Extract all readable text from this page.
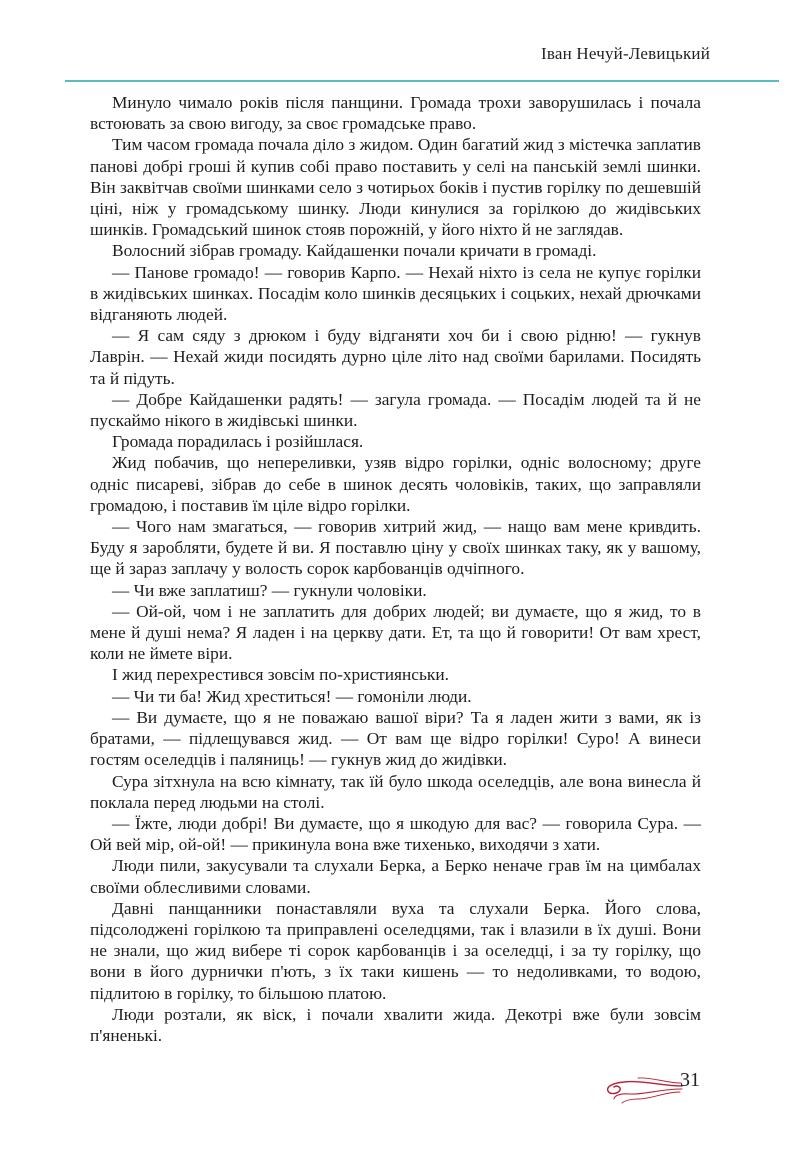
Іван Нечуй-Левицький

Минуло чимало років після панщини. Громада трохи заворушилась і почала встоювать за свою вигоду, за своє громадське право.

Тим часом громада почала діло з жидом. Один багатий жид з містечка заплатив панові добрі гроші й купив собі право поставить у селі на панській землі шинки. Він заквітчав своїми шинками село з чотирьох боків і пустив горілку по дешевшій ціні, ніж у громадському шинку. Люди кинулися за горілкою до жидівських шинків. Громадський шинок стояв порожній, у його ніхто й не заглядав.

Волосний зібрав громаду. Кайдашенки почали кричати в громаді.

— Панове громадо! — говорив Карпо. — Нехай ніхто із села не купує горілки в жидівських шинках. Посадім коло шинків десяцьких і соцьких, нехай дрючками відганяють людей.

— Я сам сяду з дрюком і буду відганяти хоч би і свою рідню! — гукнув Лаврін. — Нехай жиди посидять дурно ціле літо над своїми барилами. Посидять та й підуть.

— Добре Кайдашенки радять! — загула громада. — Посадім людей та й не пускаймо нікого в жидівські шинки.

Громада порадилась і розійшлася.

Жид побачив, що непереливки, узяв відро горілки, одніс волосному; друге одніс писареві, зібрав до себе в шинок десять чоловіків, таких, що заправляли громадою, і поставив їм ціле відро горілки.

— Чого нам змагаться, — говорив хитрий жид, — нащо вам мене кривдить. Буду я заробляти, будете й ви. Я поставлю ціну у своїх шинках таку, як у вашому, ще й зараз заплачу у волость сорок карбованців одчіпного.

— Чи вже заплатиш? — гукнули чоловіки.

— Ой-ой, чом і не заплатить для добрих людей; ви думаєте, що я жид, то в мене й душі нема? Я ладен і на церкву дати. Ет, та що й говорити! От вам хрест, коли не ймете віри.

І жид перехрестився зовсім по-християнськи.

— Чи ти ба! Жид хреститься! — гомоніли люди.

— Ви думаєте, що я не поважаю вашої віри? Та я ладен жити з вами, як із братами, — підлещувався жид. — От вам ще відро горілки! Суро! А винеси гостям оселедців і паляниць! — гукнув жид до жидівки.

Сура зітхнула на всю кімнату, так їй було шкода оселедців, але вона винесла й поклала перед людьми на столі.

— Їжте, люди добрі! Ви думаєте, що я шкодую для вас? — говорила Сура. — Ой вей мір, ой-ой! — прикинула вона вже тихенько, виходячи з хати.

Люди пили, закусували та слухали Берка, а Берко неначе грав їм на цимбалах своїми облесливими словами.

Давні панщанники понаставляли вуха та слухали Берка. Його слова, підсолоджені горілкою та приправлені оселедцями, так і влазили в їх душі. Вони не знали, що жид вибере ті сорок карбованців і за оселедці, і за ту горілку, що вони в його дурнички п'ють, з їх таки кишень — то недоливками, то водою, підлитою в горілку, то більшою платою.

Люди розтали, як віск, і почали хвалити жида. Декотрі вже були зовсім п'яненькі.

31
